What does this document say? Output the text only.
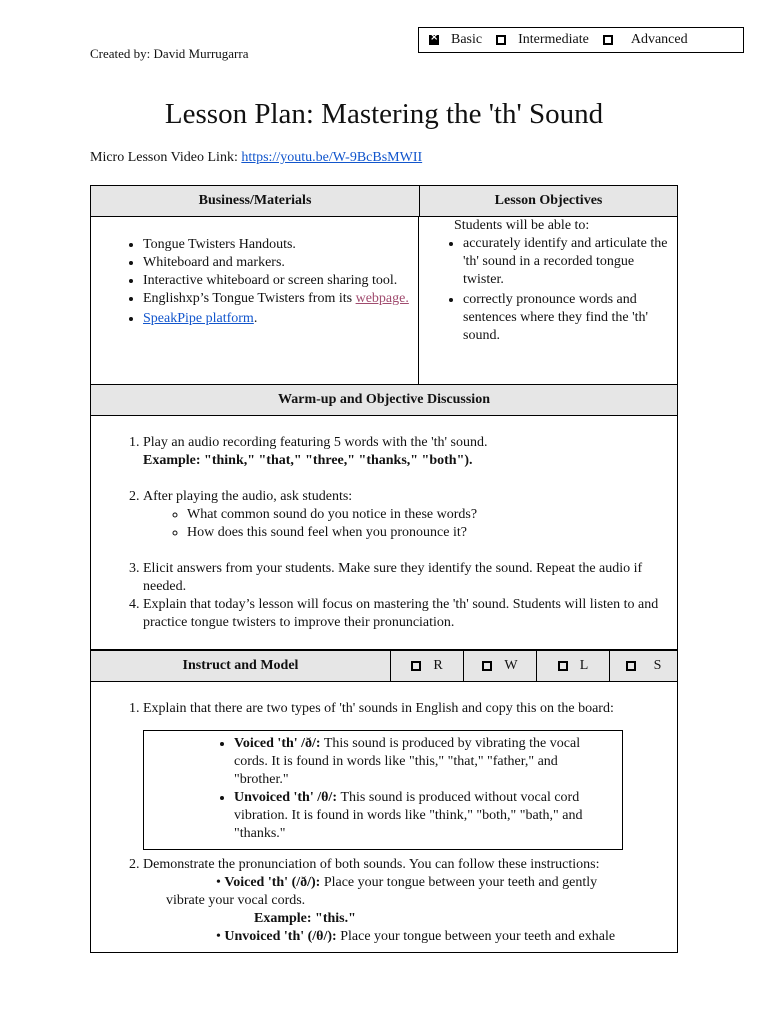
×
Basic	Intermediate	Advanced
Created by: David Murrugarra
Lesson Plan: Mastering the 'th' Sound
Micro Lesson Video Link: https://youtu.be/W-9BcBsMWII
Business/Materials	Lesson Objectives
• Tongue Twisters Handouts.
• Whiteboard and markers.
• Interactive whiteboard or screen sharing tool.
• Englishxp’s Tongue Twisters from its webpage.
• SpeakPipe platform.
Students will be able to:
• accurately identify and articulate the 'th' sound in a recorded tongue twister.
• correctly pronounce words and sentences where they find the 'th' sound.
Warm-up and Objective Discussion
1. Play an audio recording featuring 5 words with the 'th' sound.
Example: "think," "that," "three," "thanks," "both").
2. After playing the audio, ask students:
◦ What common sound do you notice in these words?
◦ How does this sound feel when you pronounce it?
3. Elicit answers from your students. Make sure they identify the sound. Repeat the audio if needed.
4. Explain that today’s lesson will focus on mastering the 'th' sound. Students will listen to and practice tongue twisters to improve their pronunciation.
Instruct and Model	R	W	L	S
1. Explain that there are two types of 'th' sounds in English and copy this on the board:
• Voiced 'th' /ð/: This sound is produced by vibrating the vocal cords. It is found in words like "this," "that," "father," and "brother."
• Unvoiced 'th' /θ/: This sound is produced without vocal cord vibration. It is found in words like "think," "both," "bath," and "thanks."
2. Demonstrate the pronunciation of both sounds. You can follow these instructions:
• Voiced 'th' (/ð/): Place your tongue between your teeth and gently vibrate your vocal cords.
Example: "this."
• Unvoiced 'th' (/θ/): Place your tongue between your teeth and exhale
